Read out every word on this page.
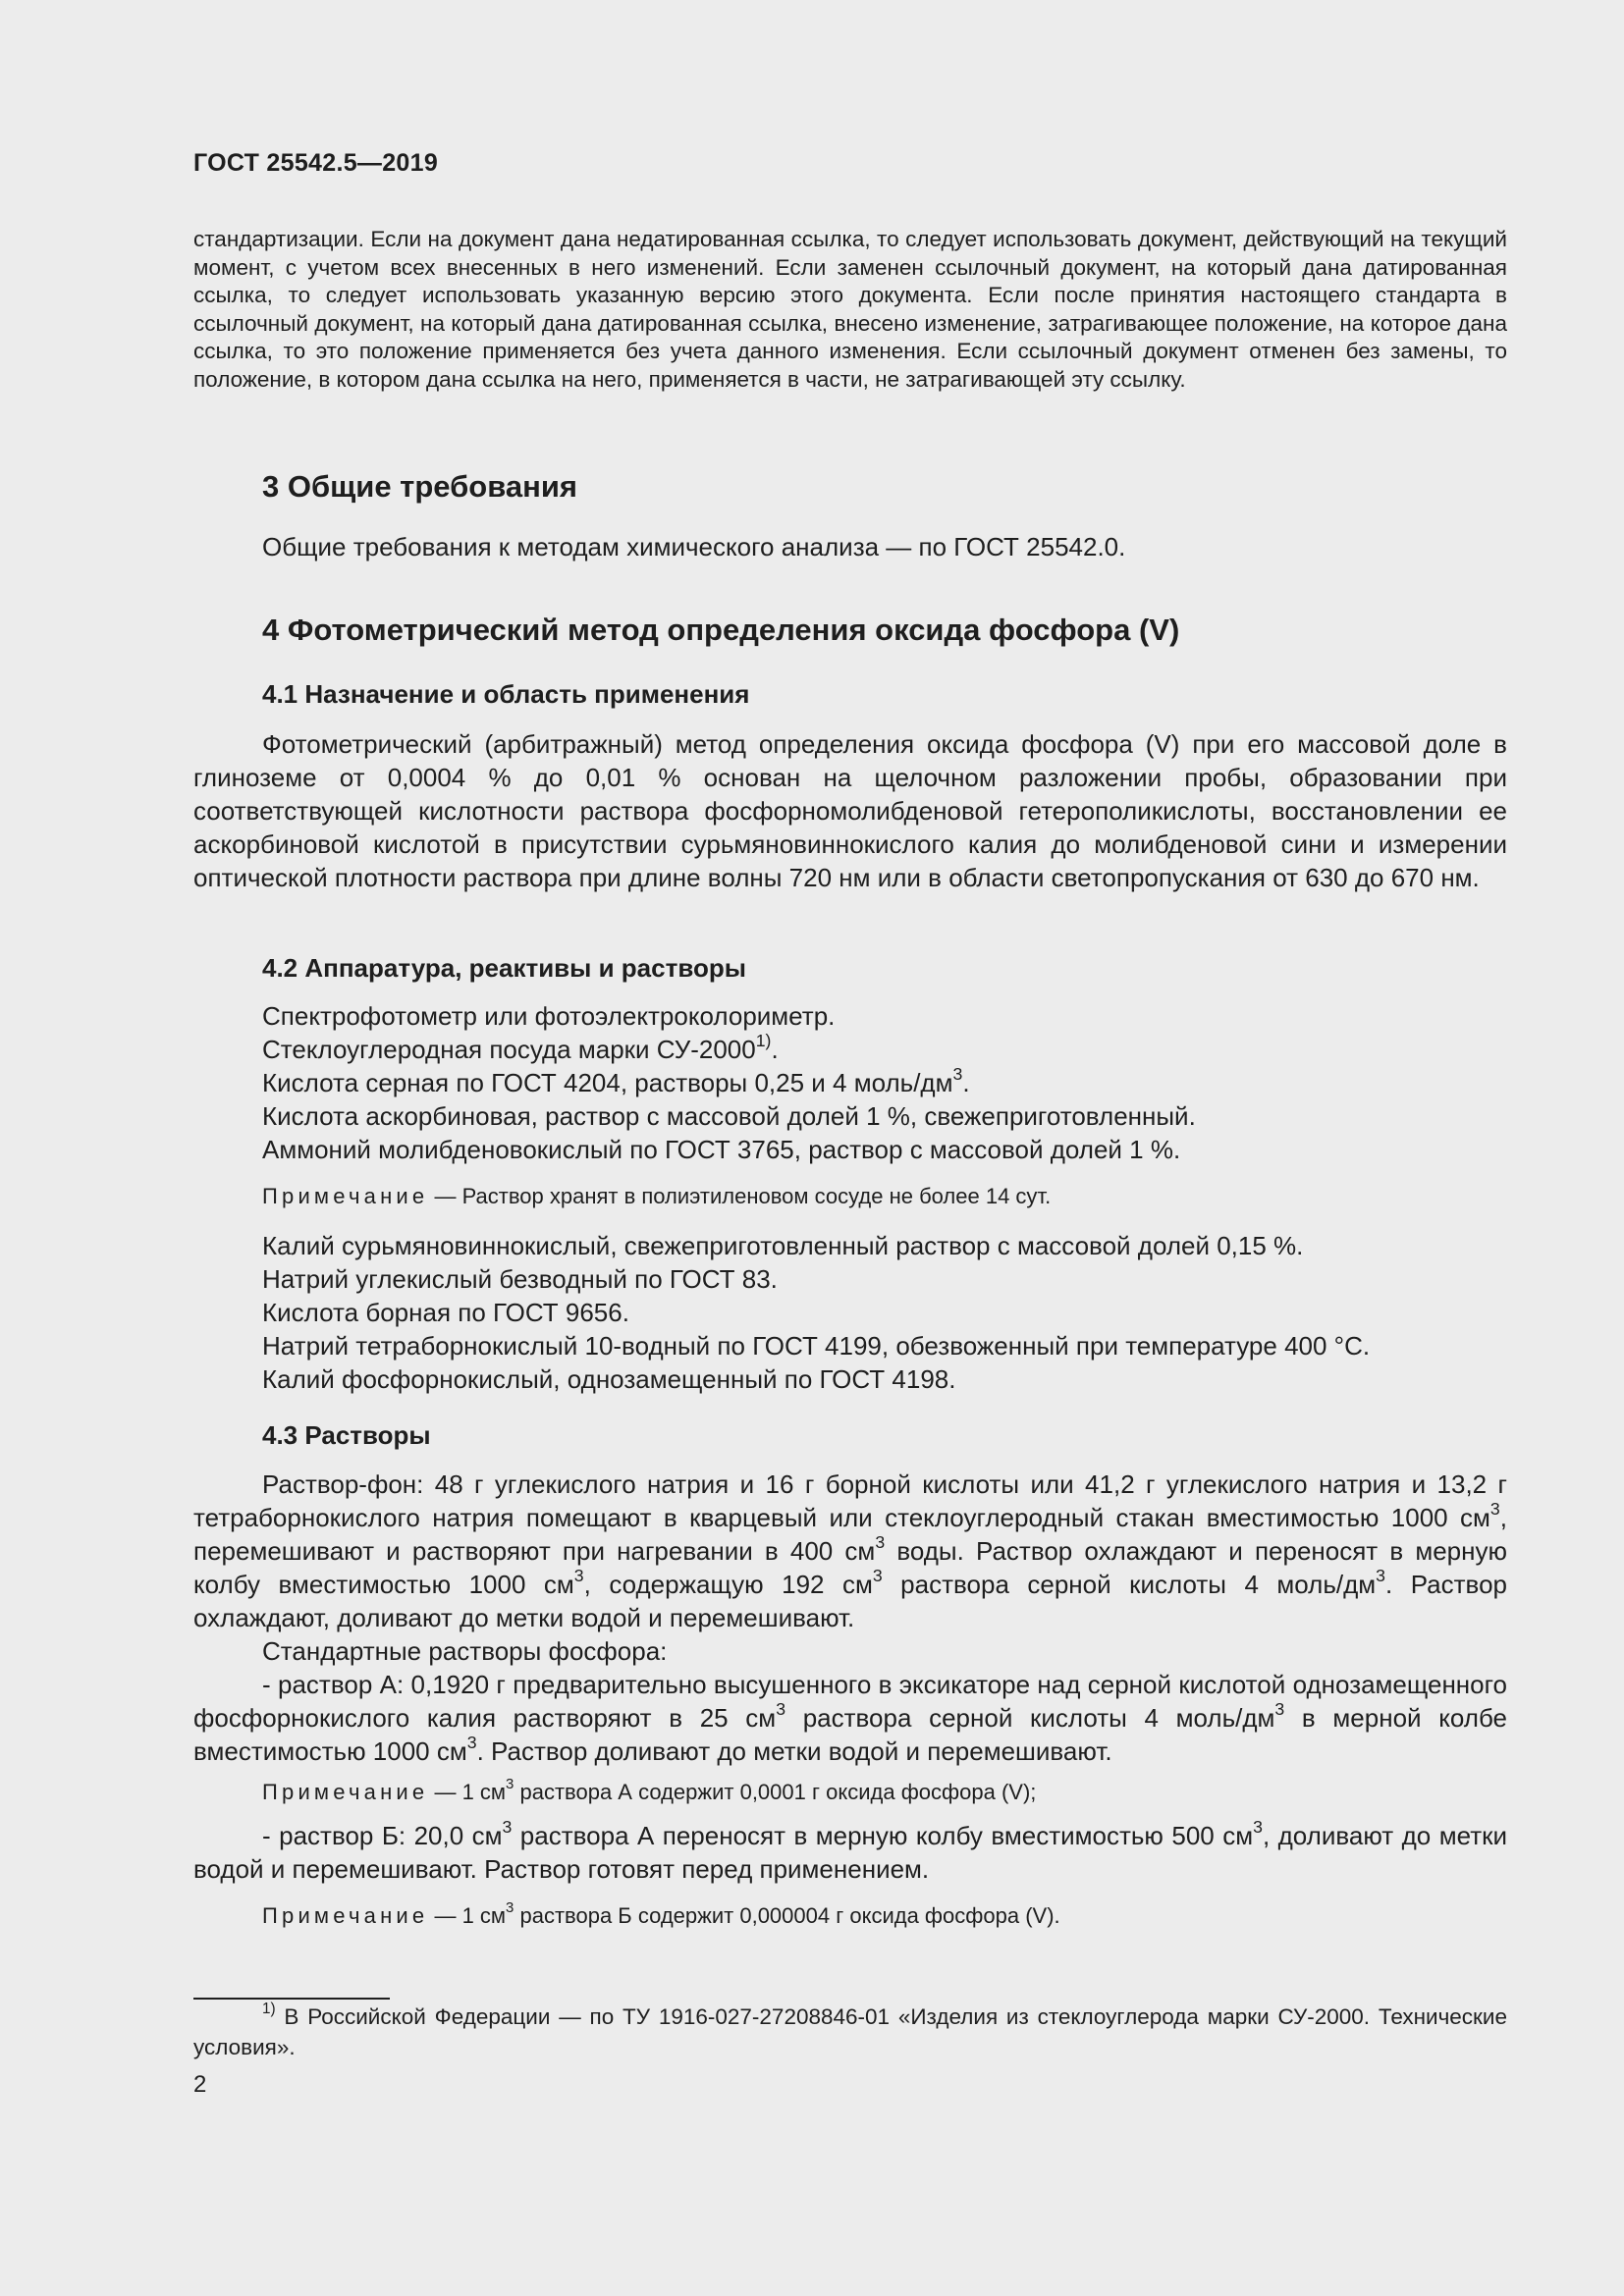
ГОСТ 25542.5—2019
стандартизации. Если на документ дана недатированная ссылка, то следует использовать документ, действующий на текущий момент, с учетом всех внесенных в него изменений. Если заменен ссылочный документ, на который дана датированная ссылка, то следует использовать указанную версию этого документа. Если после принятия настоящего стандарта в ссылочный документ, на который дана датированная ссылка, внесено изменение, затрагивающее положение, на которое дана ссылка, то это положение применяется без учета данного изменения. Если ссылочный документ отменен без замены, то положение, в котором дана ссылка на него, применяется в части, не затрагивающей эту ссылку.
3 Общие требования
Общие требования к методам химического анализа — по ГОСТ 25542.0.
4 Фотометрический метод определения оксида фосфора (V)
4.1 Назначение и область применения
Фотометрический (арбитражный) метод определения оксида фосфора (V) при его массовой доле в глиноземе от 0,0004 % до 0,01 % основан на щелочном разложении пробы, образовании при соответствующей кислотности раствора фосфорномолибденовой гетерополикислоты, восстановлении ее аскорбиновой кислотой в присутствии сурьмяновиннокислого калия до молибденовой сини и измерении оптической плотности раствора при длине волны 720 нм или в области светопропускания от 630 до 670 нм.
4.2 Аппаратура, реактивы и растворы

Спектрофотометр или фотоэлектроколориметр.

Стеклоуглеродная посуда марки СУ-2000$^{1)}$.

Кислота серная по ГОСТ 4204, растворы 0,25 и 4 моль/$дм^3$.

Кислота аскорбиновая, раствор с массовой долей 1 %, свежеприготовленный.

Аммоний молибденовокислый по ГОСТ 3765, раствор с массовой долей 1 %.

Примечание — Раствор хранят в полиэтиленовом сосуде не более 14 сут.

Калий сурьмяновиннокислый, свежеприготовленный раствор с массовой долей 0,15 %.

Натрий углекислый безводный по ГОСТ 83.

Кислота борная по ГОСТ 9656.

Натрий тетраборнокислый 10-водный по ГОСТ 4199, обезвоженный при температуре 400 °С.

Калий фосфорнокислый, однозамещенный по ГОСТ 4198.

4.3 Растворы
Раствор-фон: 48 г углекислого натрия и 16 г борной кислоты или 41,2 г углекислого натрия и 13,2 г тетраборнокислого натрия помещают в кварцевый или стеклоуглеродный стакан вместимостью 1000 $см^3$, перемешивают и растворяют при нагревании в 400 $см^3$ воды. Раствор охлаждают и переносят в мерную колбу вместимостью 1000 $см^3$, содержащую 192 $см^3$ раствора серной кислоты 4 моль/$дм^3$. Раствор охлаждают, доливают до метки водой и перемешивают.
Стандартные растворы фосфора:
- раствор А: 0,1920 г предварительно высушенного в эксикаторе над серной кислотой однозамещенного фосфорнокислого калия растворяют в 25 $см^3$ раствора серной кислоты 4 моль/$дм^3$ в мерной колбе вместимостью 1000 $см^3$. Раствор доливают до метки водой и перемешивают.
Примечание — 1 $см^3$ раствора А содержит 0,0001 г оксида фосфора (V);
- раствор Б: 20,0 $см^3$ раствора А переносят в мерную колбу вместимостью 500 $см^3$, доливают до метки водой и перемешивают. Раствор готовят перед применением.
Примечание — 1 $см^3$ раствора Б содержит 0,000004 г оксида фосфора (V).
$^{1)}$ В Российской Федерации — по ТУ 1916-027-27208846-01 «Изделия из стеклоуглерода марки СУ-2000. Технические условия».
2
